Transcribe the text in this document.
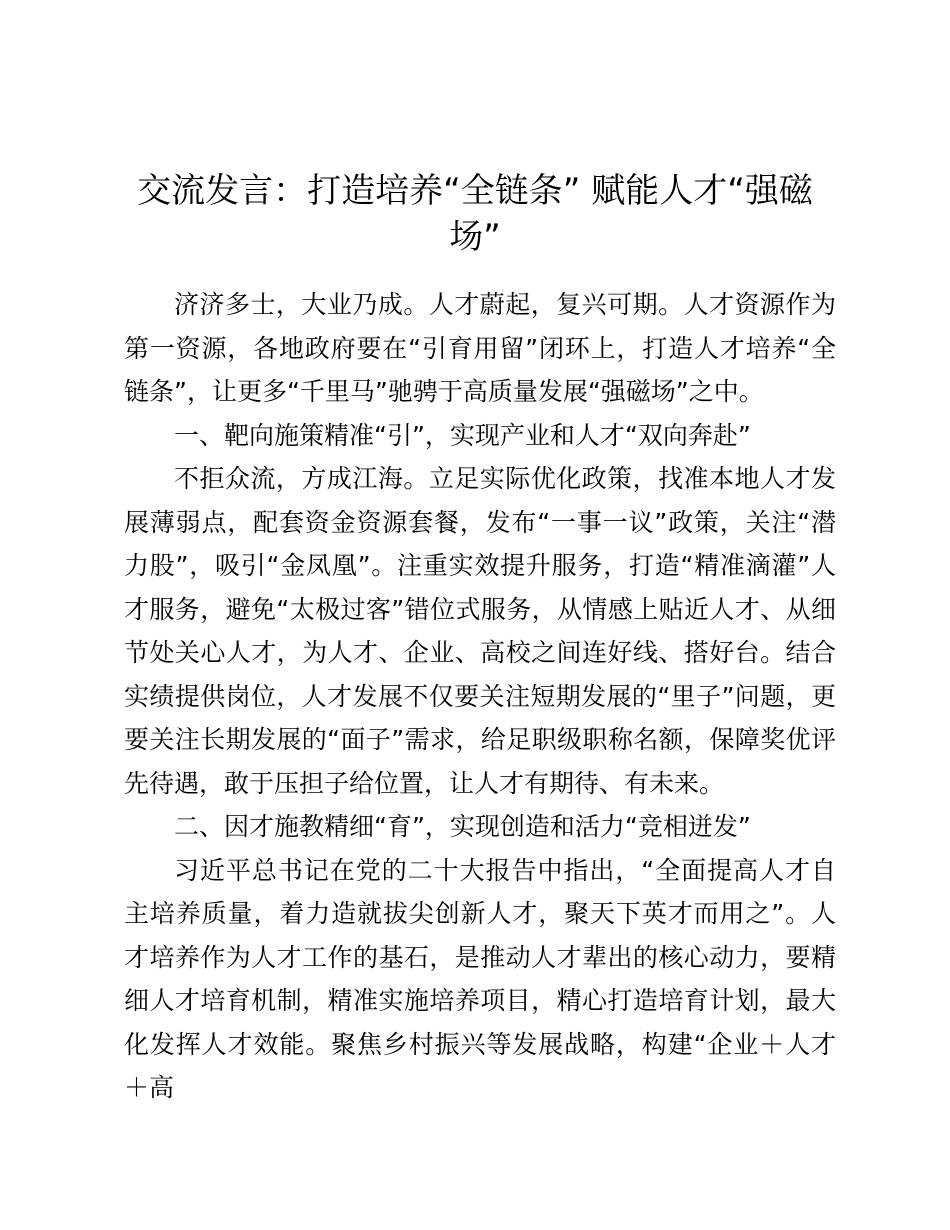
交流发言：打造培养“全链条” 赋能人才“强磁场”

济济多士，大业乃成。人才蔚起，复兴可期。人才资源作为第一资源，各地政府要在“引育用留”闭环上，打造人才培养“全链条”，让更多“千里马”驰骋于高质量发展“强磁场”之中。

一、靶向施策精准“引”，实现产业和人才“双向奔赴”

不拒众流，方成江海。立足实际优化政策，找准本地人才发展薄弱点，配套资金资源套餐，发布“一事一议”政策，关注“潜力股”，吸引“金凤凰”。注重实效提升服务，打造“精准滴灌”人才服务，避免“太极过客”错位式服务，从情感上贴近人才、从细节处关心人才，为人才、企业、高校之间连好线、搭好台。结合实绩提供岗位，人才发展不仅要关注短期发展的“里子”问题，更要关注长期发展的“面子”需求，给足职级职称名额，保障奖优评先待遇，敢于压担子给位置，让人才有期待、有未来。

二、因才施教精细“育”，实现创造和活力“竞相迸发”

习近平总书记在党的二十大报告中指出，“全面提高人才自主培养质量，着力造就拔尖创新人才，聚天下英才而用之”。人才培养作为人才工作的基石，是推动人才辈出的核心动力，要精细人才培育机制，精准实施培养项目，精心打造培育计划，最大化发挥人才效能。聚焦乡村振兴等发展战略，构建“企业＋人才＋高
